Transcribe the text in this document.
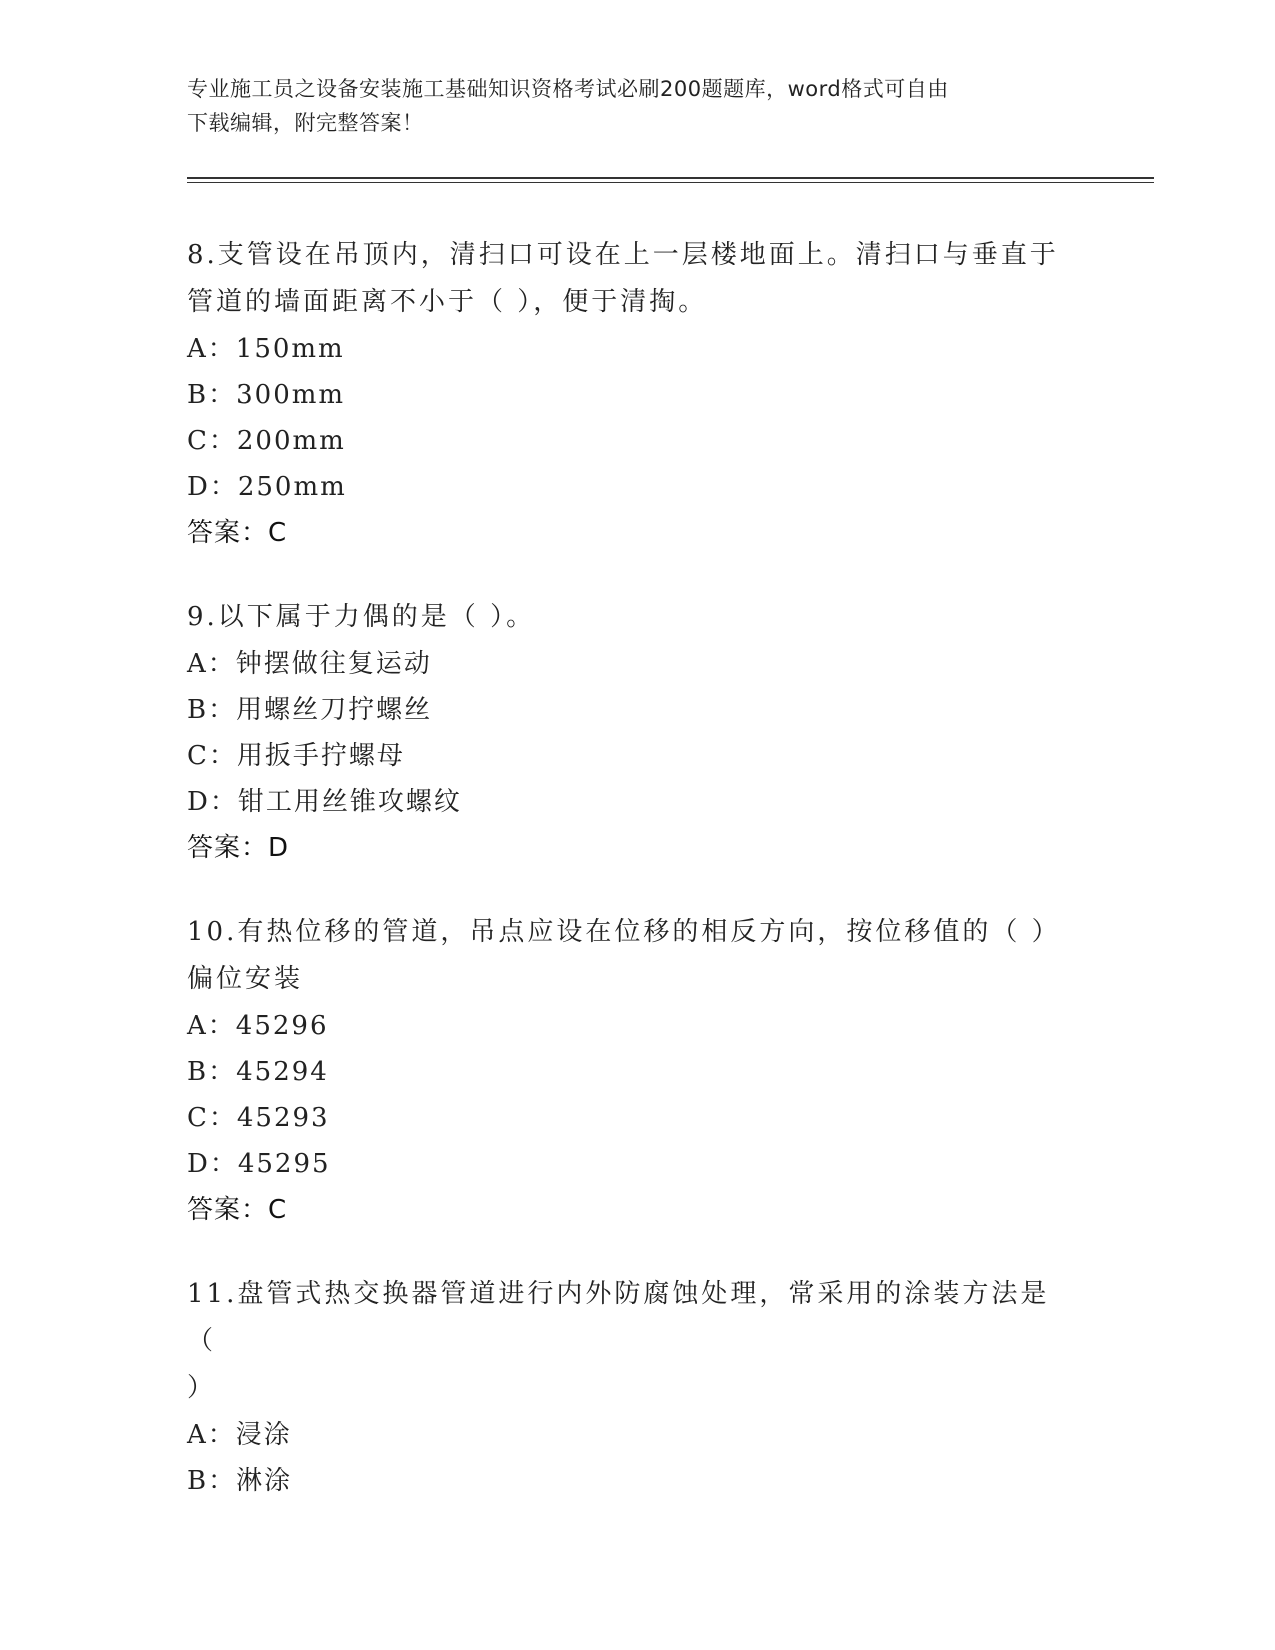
专业施工员之设备安装施工基础知识资格考试必刷200题题库，word格式可自由
下载编辑，附完整答案！

8.支管设在吊顶内，清扫口可设在上一层楼地面上。清扫口与垂直于

管道的墙面距离不小于（ ），便于清掏。

A：150mm

B：300mm

C：200mm

D：250mm

答案：C

9.以下属于力偶的是（ ）。

A：钟摆做往复运动

B：用螺丝刀拧螺丝

C：用扳手拧螺母

D：钳工用丝锥攻螺纹

答案：D

10.有热位移的管道，吊点应设在位移的相反方向，按位移值的（ ）

偏位安装

A：45296

B：45294

C：45293

D：45295

答案：C

11.盘管式热交换器管道进行内外防腐蚀处理，常采用的涂装方法是（

）

A：浸涂

B：淋涂
